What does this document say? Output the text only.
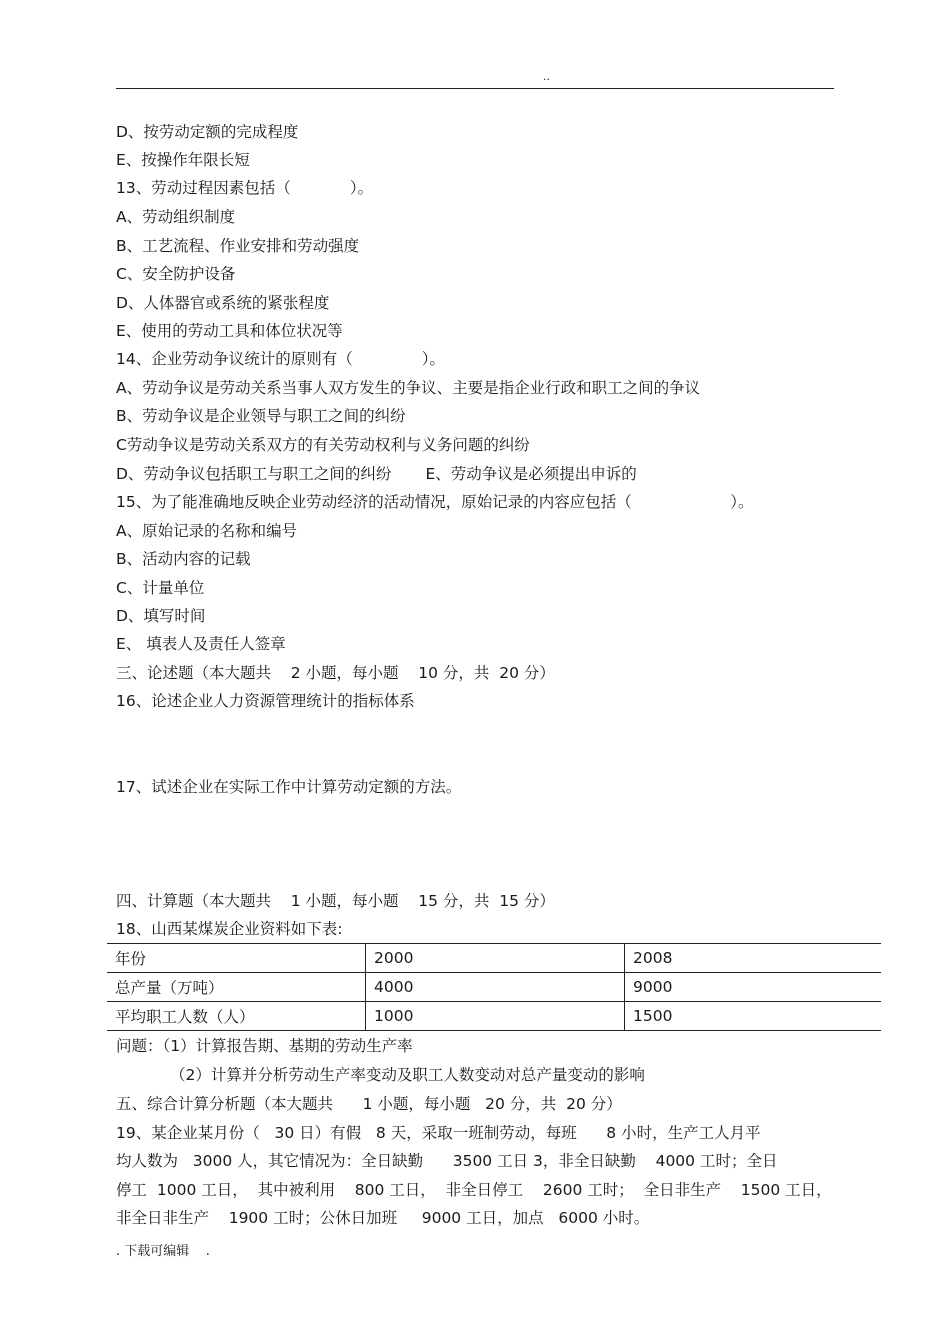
..
D、按劳动定额的完成程度
E、按操作年限长短
13、劳动过程因素包括（            ）。
A、劳动组织制度
B、工艺流程、作业安排和劳动强度
C、安全防护设备
D、人体器官或系统的紧张程度
E、使用的劳动工具和体位状况等
14、企业劳动争议统计的原则有（              ）。
A、劳动争议是劳动关系当事人双方发生的争议、主要是指企业行政和职工之间的争议
B、劳动争议是企业领导与职工之间的纠纷
C劳动争议是劳动关系双方的有关劳动权利与义务问题的纠纷
D、劳动争议包括职工与职工之间的纠纷 E、劳动争议是必须提出申诉的
15、为了能准确地反映企业劳动经济的活动情况，原始记录的内容应包括（                    ）。
A、原始记录的名称和编号
B、活动内容的记载
C、计量单位
D、填写时间
E、 填表人及责任人签章
三、论述题（本大题共    2 小题，每小题    10 分，共  20 分）
16、论述企业人力资源管理统计的指标体系
17、试述企业在实际工作中计算劳动定额的方法。
四、计算题（本大题共    1 小题，每小题    15 分，共  15 分）
18、山西某煤炭企业资料如下表:
年份	2000	2008
总产量（万吨）	4000	9000
平均职工人数（人）	1000	1500
问题：（1）计算报告期、基期的劳动生产率
（2）计算并分析劳动生产率变动及职工人数变动对总产量变动的影响
五、综合计算分析题（本大题共      1 小题，每小题   20 分，共  20 分）
19、某企业某月份（   30 日）有假   8 天，采取一班制劳动，每班      8 小时，生产工人月平
均人数为   3000 人，其它情况为：全日缺勤      3500 工日 3，非全日缺勤    4000 工时；全日
停工  1000 工日，  其中被利用    800 工日，  非全日停工    2600 工时；  全日非生产    1500 工日，
非全日非生产    1900 工时；公休日加班     9000 工日，加点   6000 小时。
. 下载可编辑    .
